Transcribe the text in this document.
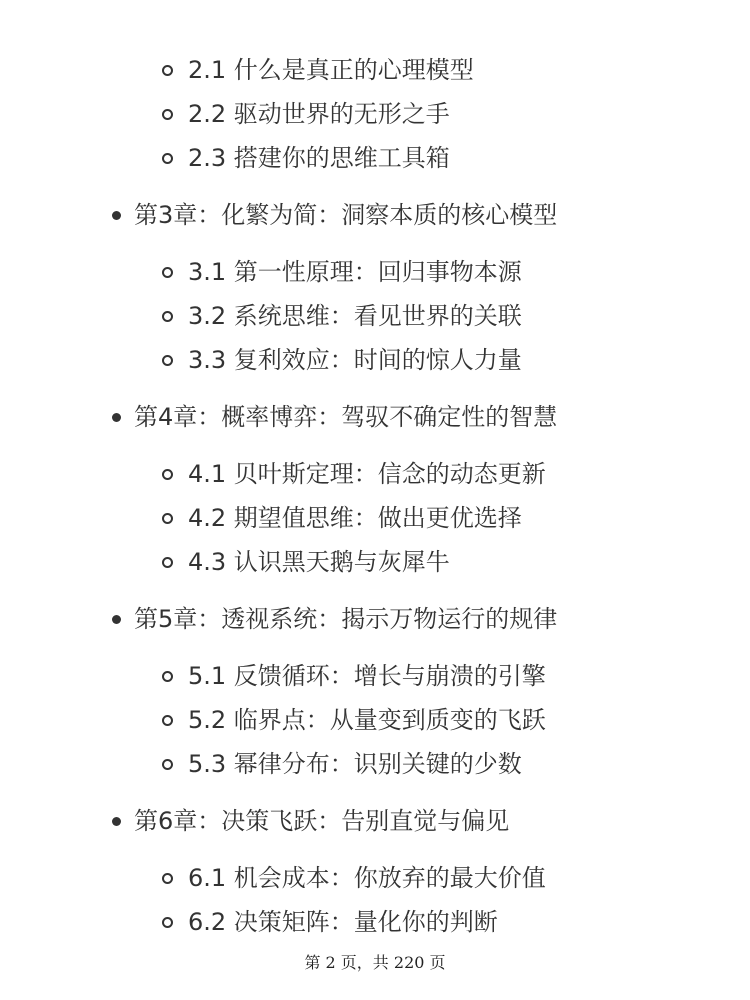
2.1 什么是真正的心理模型
2.2 驱动世界的无形之手
2.3 搭建你的思维工具箱
第3章：化繁为简：洞察本质的核心模型
3.1 第一性原理：回归事物本源
3.2 系统思维：看见世界的关联
3.3 复利效应：时间的惊人力量
第4章：概率博弈：驾驭不确定性的智慧
4.1 贝叶斯定理：信念的动态更新
4.2 期望值思维：做出更优选择
4.3 认识黑天鹅与灰犀牛
第5章：透视系统：揭示万物运行的规律
5.1 反馈循环：增长与崩溃的引擎
5.2 临界点：从量变到质变的飞跃
5.3 幂律分布：识别关键的少数
第6章：决策飞跃：告别直觉与偏见
6.1 机会成本：你放弃的最大价值
6.2 决策矩阵：量化你的判断
第 2 页，共 220 页
